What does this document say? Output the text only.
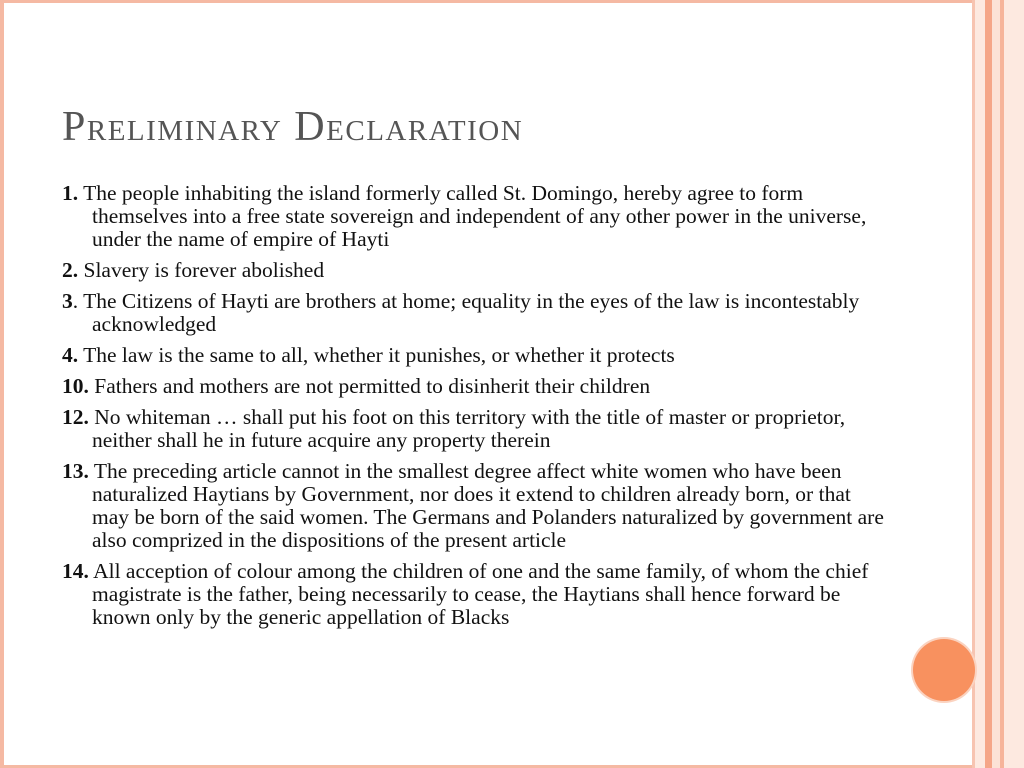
Preliminary Declaration
1. The people inhabiting the island formerly called St. Domingo, hereby agree to form themselves into a free state sovereign and independent of any other power in the universe, under the name of empire of Hayti
2. Slavery is forever abolished
3. The Citizens of Hayti are brothers at home; equality in the eyes of the law is incontestably acknowledged
4. The law is the same to all, whether it punishes, or whether it protects
10. Fathers and mothers are not permitted to disinherit their children
12. No whiteman … shall put his foot on this territory with the title of master or proprietor, neither shall he in future acquire any property therein
13. The preceding article cannot in the smallest degree affect white women who have been naturalized Haytians by Government, nor does it extend to children already born, or that may be born of the said women. The Germans and Polanders naturalized by government are also comprized in the dispositions of the present article
14. All acception of colour among the children of one and the same family, of whom the chief magistrate is the father, being necessarily to cease, the Haytians shall hence forward be known only by the generic appellation of Blacks
